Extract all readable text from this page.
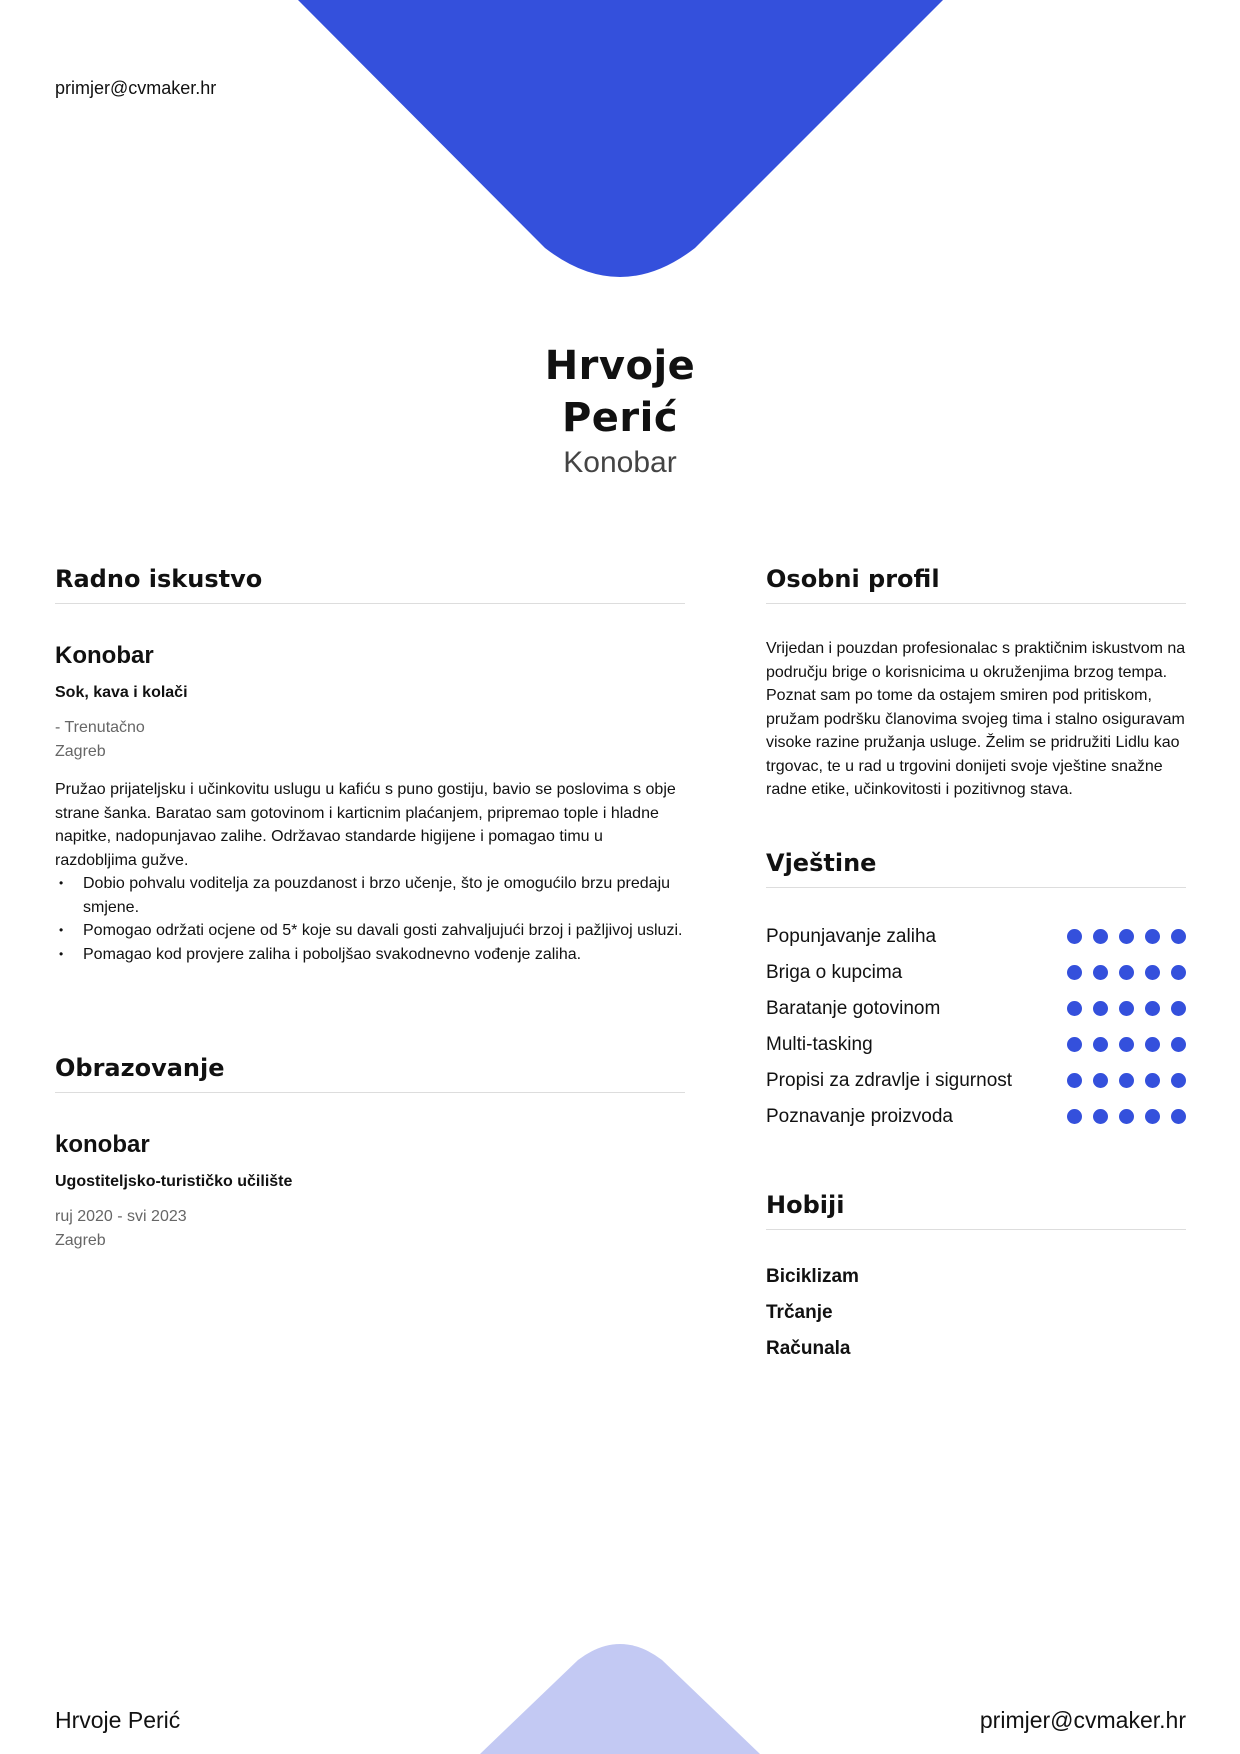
primjer@cvmaker.hr
Hrvoje
Perić
Konobar
Radno iskustvo
Konobar
Sok, kava i kolači
- Trenutačno
Zagreb
Pružao prijateljsku i učinkovitu uslugu u kafiću s puno gostiju, bavio se poslovima s obje strane šanka. Baratao sam gotovinom i karticnim plaćanjem, pripremao tople i hladne napitke, nadopunjavao zalihe. Održavao standarde higijene i pomagao timu u razdobljima gužve.
• Dobio pohvalu voditelja za pouzdanost i brzo učenje, što je omogućilo brzu predaju smjene.
• Pomogao održati ocjene od 5* koje su davali gosti zahvaljujući brzoj i pažljivoj usluzi.
• Pomagao kod provjere zaliha i poboljšao svakodnevno vođenje zaliha.
Obrazovanje
konobar
Ugostiteljsko-turističko učilište
ruj 2020 - svi 2023
Zagreb
Osobni profil
Vrijedan i pouzdan profesionalac s praktičnim iskustvom na području brige o korisnicima u okruženjima brzog tempa. Poznat sam po tome da ostajem smiren pod pritiskom, pružam podršku članovima svojeg tima i stalno osiguravam visoke razine pružanja usluge. Želim se pridružiti Lidlu kao trgovac, te u rad u trgovini donijeti svoje vještine snažne radne etike, učinkovitosti i pozitivnog stava.
Vještine
Popunjavanje zaliha
Briga o kupcima
Baratanje gotovinom
Multi-tasking
Propisi za zdravlje i sigurnost
Poznavanje proizvoda
Hobiji
Biciklizam
Trčanje
Računala
Hrvoje Perić	primjer@cvmaker.hr
